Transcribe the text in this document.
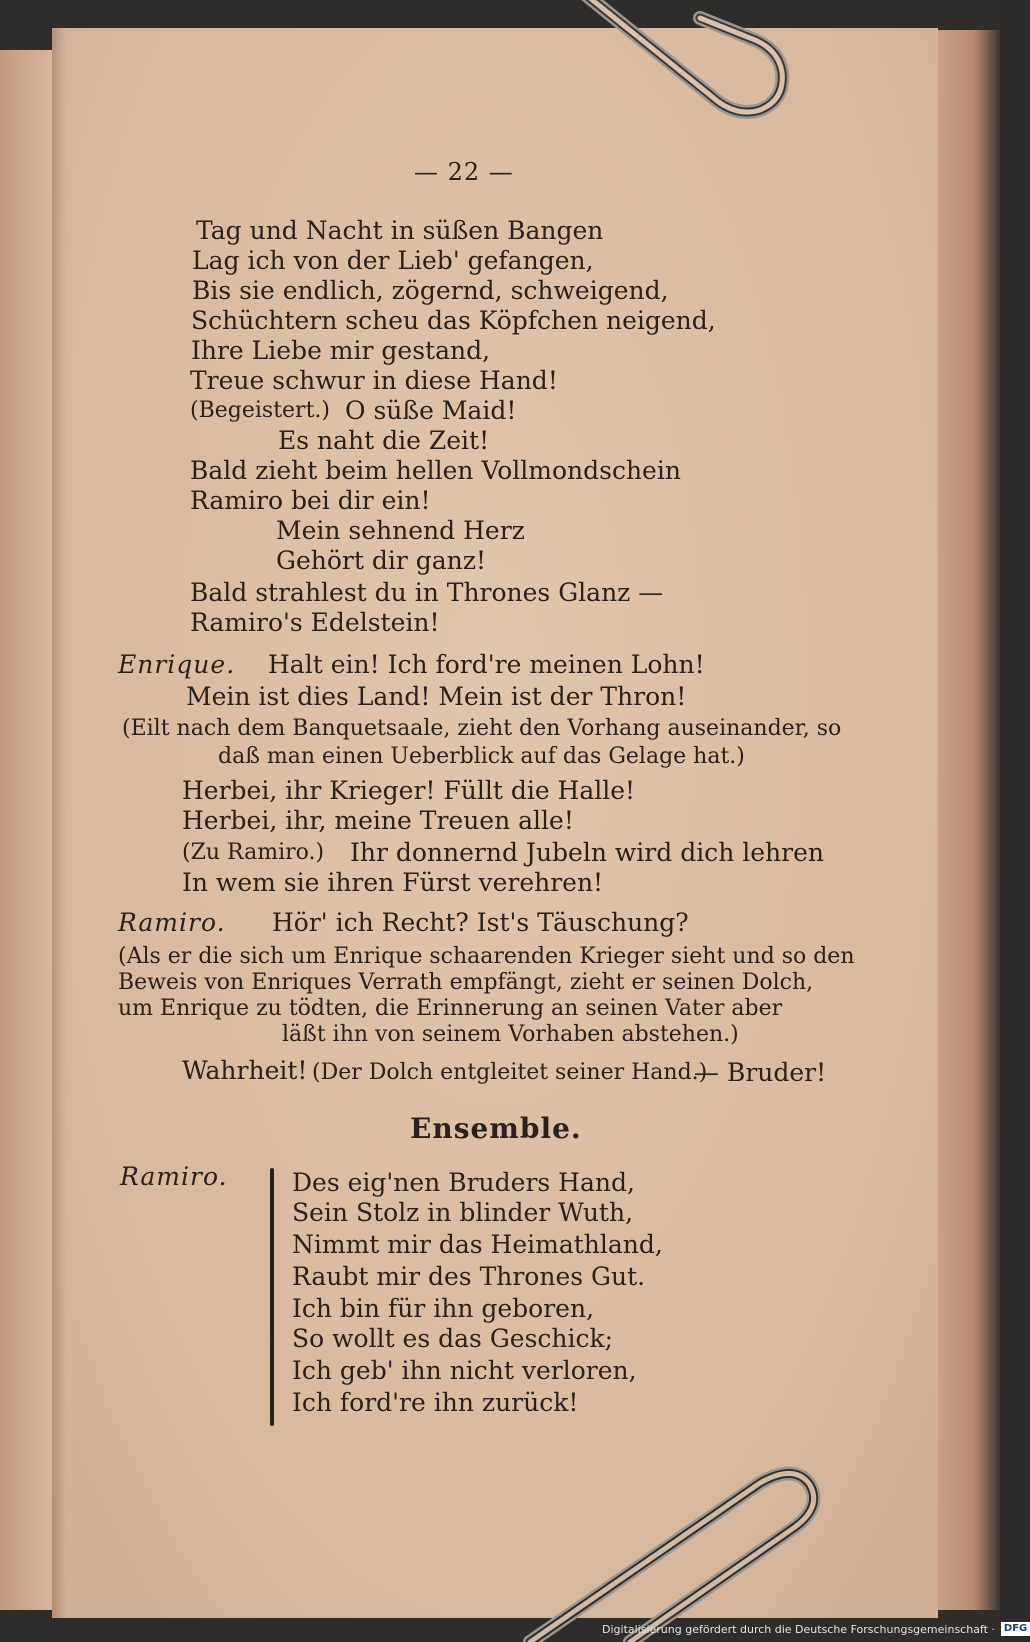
— 22 —
Tag und Nacht in süßen Bangen
Lag ich von der Lieb' gefangen,
Bis sie endlich, zögernd, schweigend,
Schüchtern scheu das Köpfchen neigend,
Ihre Liebe mir gestand,
Treue schwur in diese Hand!
(Begeistert.) O süße Maid!
Es naht die Zeit!
Bald zieht beim hellen Vollmondschein
Ramiro bei dir ein!
Mein sehnend Herz
Gehört dir ganz!
Bald strahlest du in Thrones Glanz —
Ramiro's Edelstein!
Enrique. Halt ein! Ich ford're meinen Lohn!
Mein ist dies Land! Mein ist der Thron!
(Eilt nach dem Banquetsaale, zieht den Vorhang auseinander, so
daß man einen Ueberblick auf das Gelage hat.)
Herbei, ihr Krieger! Füllt die Halle!
Herbei, ihr, meine Treuen alle!
(Zu Ramiro.) Ihr donnernd Jubeln wird dich lehren
In wem sie ihren Fürst verehren!
Ramiro. Hör' ich Recht? Ist's Täuschung?
(Als er die sich um Enrique schaarenden Krieger sieht und so den
Beweis von Enriques Verrath empfängt, zieht er seinen Dolch,
um Enrique zu tödten, die Erinnerung an seinen Vater aber
läßt ihn von seinem Vorhaben abstehen.)
Wahrheit! (Der Dolch entgleitet seiner Hand.)
— Bruder!
Ensemble.
Ramiro.	Des eig'nen Bruders Hand,
Sein Stolz in blinder Wuth,
Nimmt mir das Heimathland,
Raubt mir des Thrones Gut.
Ich bin für ihn geboren,
So wollt es das Geschick;
Ich geb' ihn nicht verloren,
Ich ford're ihn zurück!
Digitalisierung gefördert durch die Deutsche Forschungsgemeinschaft · DFG
